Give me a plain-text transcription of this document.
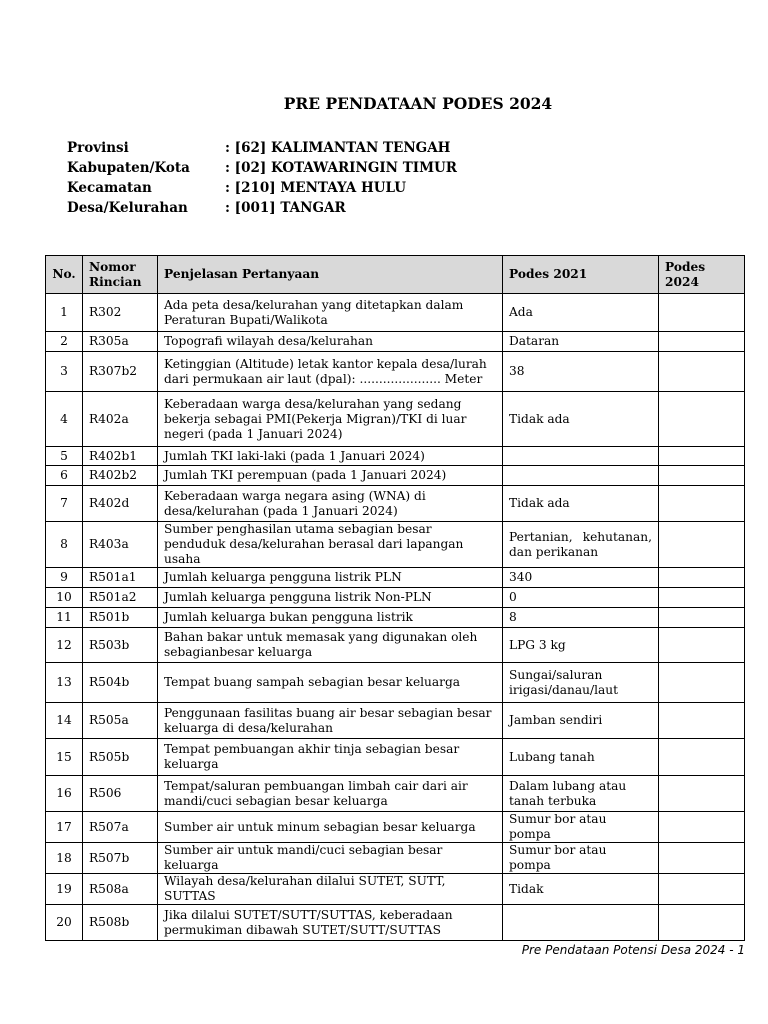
PRE PENDATAAN PODES 2024
Provinsi	: [62] KALIMANTAN TENGAH
Kabupaten/Kota	: [02] KOTAWARINGIN TIMUR
Kecamatan	: [210] MENTAYA HULU
Desa/Kelurahan	: [001] TANGAR
No.	Nomor Rincian	Penjelasan Pertanyaan	Podes 2021	Podes 2024
1	R302	Ada peta desa/kelurahan yang ditetapkan dalam Peraturan Bupati/Walikota	Ada	
2	R305a	Topografi wilayah desa/kelurahan	Dataran	
3	R307b2	Ketinggian (Altitude) letak kantor kepala desa/lurah dari permukaan air laut (dpal): ..................... Meter	38	
4	R402a	Keberadaan warga desa/kelurahan yang sedang bekerja sebagai PMI(Pekerja Migran)/TKI di luar negeri (pada 1 Januari 2024)	Tidak ada	
5	R402b1	Jumlah TKI laki-laki (pada 1 Januari 2024)		
6	R402b2	Jumlah TKI perempuan (pada 1 Januari 2024)		
7	R402d	Keberadaan warga negara asing (WNA) di desa/kelurahan (pada 1 Januari 2024)	Tidak ada	
8	R403a	Sumber penghasilan utama sebagian besar penduduk desa/kelurahan berasal dari lapangan usaha	Pertanian, kehutanan, dan perikanan	
9	R501a1	Jumlah keluarga pengguna listrik PLN	340	
10	R501a2	Jumlah keluarga pengguna listrik Non-PLN	0	
11	R501b	Jumlah keluarga bukan pengguna listrik	8	
12	R503b	Bahan bakar untuk memasak yang digunakan oleh sebagianbesar keluarga	LPG 3 kg	
13	R504b	Tempat buang sampah sebagian besar keluarga	Sungai/saluran irigasi/danau/laut	
14	R505a	Penggunaan fasilitas buang air besar sebagian besar keluarga di desa/kelurahan	Jamban sendiri	
15	R505b	Tempat pembuangan akhir tinja sebagian besar keluarga	Lubang tanah	
16	R506	Tempat/saluran pembuangan limbah cair dari air mandi/cuci sebagian besar keluarga	Dalam lubang atau tanah terbuka	
17	R507a	Sumber air untuk minum sebagian besar keluarga	Sumur bor atau pompa	
18	R507b	Sumber air untuk mandi/cuci sebagian besar keluarga	Sumur bor atau pompa	
19	R508a	Wilayah desa/kelurahan dilalui SUTET, SUTT, SUTTAS	Tidak	
20	R508b	Jika dilalui SUTET/SUTT/SUTTAS, keberadaan permukiman dibawah SUTET/SUTT/SUTTAS		
Pre Pendataan Potensi Desa 2024 - 1
